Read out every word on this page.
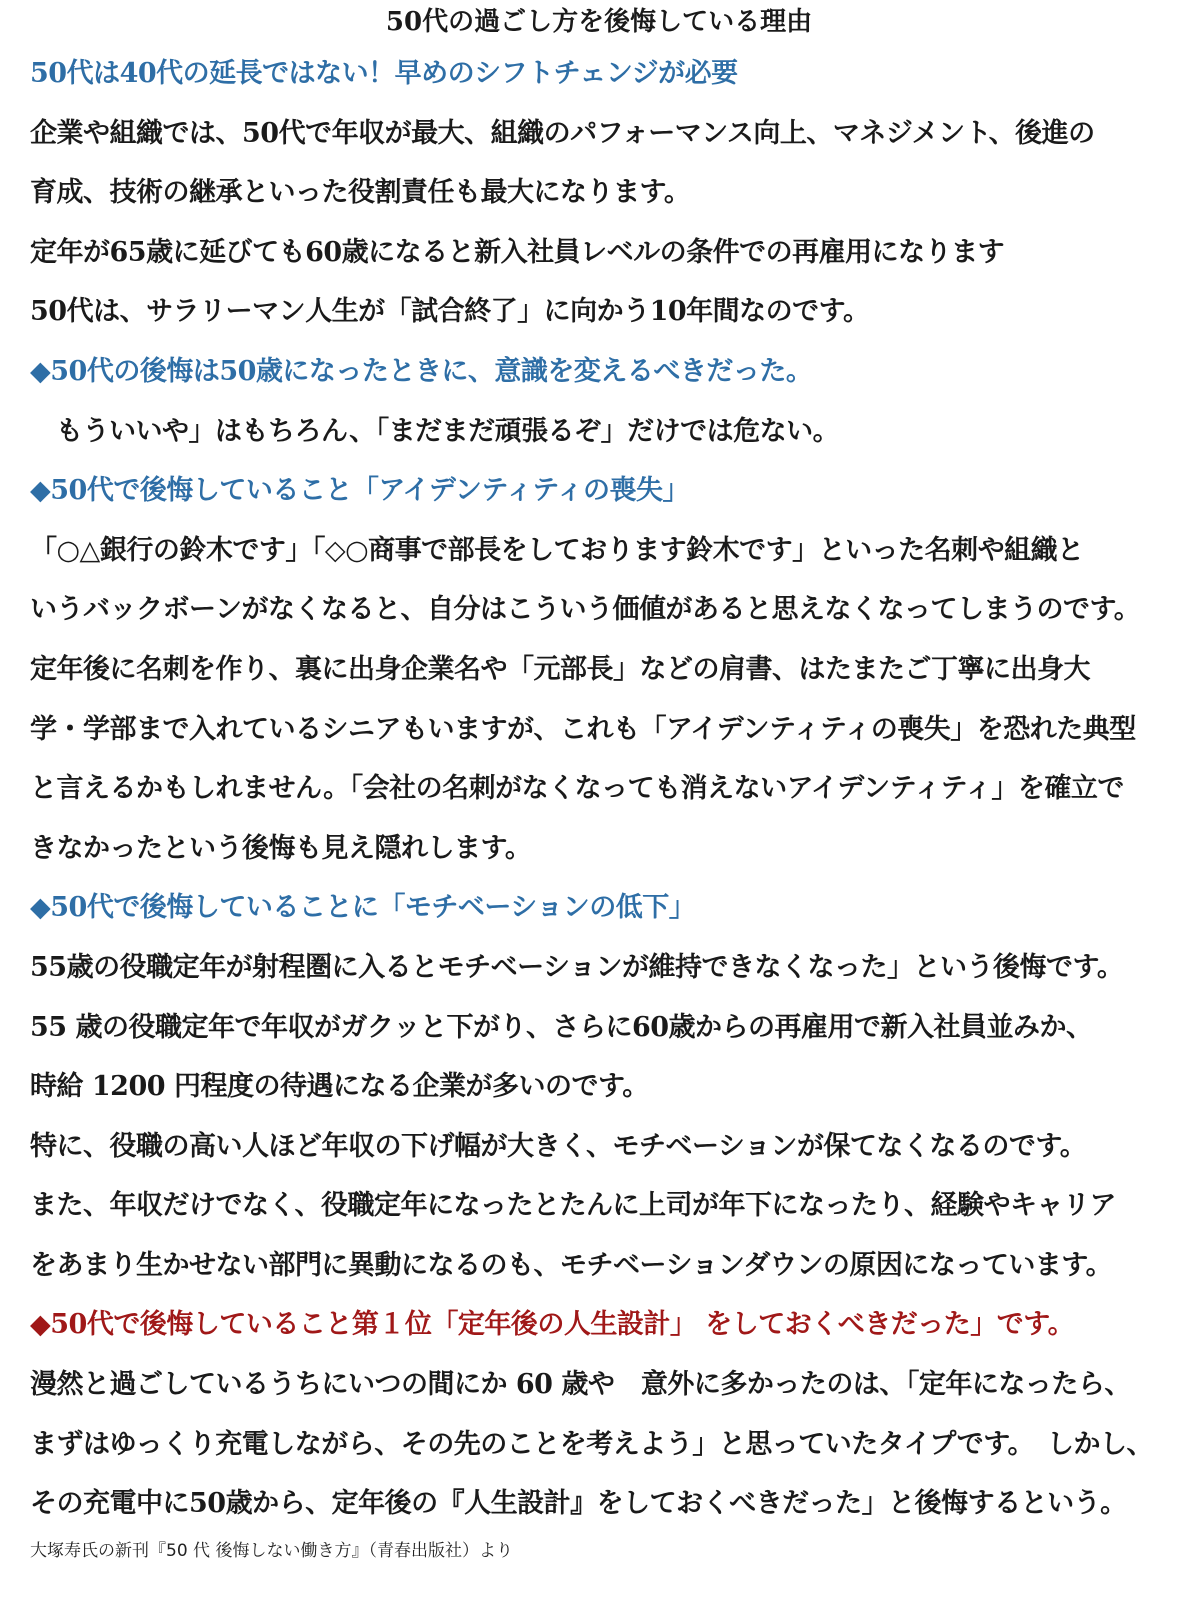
50代の過ごし方を後悔している理由
50代は40代の延長ではない！早めのシフトチェンジが必要
企業や組織では、50代で年収が最大、組織のパフォーマンス向上、マネジメント、後進の
育成、技術の継承といった役割責任も最大になります。
定年が65歳に延びても60歳になると新入社員レベルの条件での再雇用になります
50代は、サラリーマン人生が「試合終了」に向かう10年間なのです。
◆50代の後悔は50歳になったときに、意識を変えるべきだった。
もういいや」はもちろん、「まだまだ頑張るぞ」だけでは危ない。
◆50代で後悔していること「アイデンティティの喪失」
「○△銀行の鈴木です」「◇○商事で部長をしております鈴木です」といった名刺や組織と
いうバックボーンがなくなると、自分はこういう価値があると思えなくなってしまうのです。
定年後に名刺を作り、裏に出身企業名や「元部長」などの肩書、はたまたご丁寧に出身大
学・学部まで入れているシニアもいますが、これも「アイデンティティの喪失」を恐れた典型
と言えるかもしれません。「会社の名刺がなくなっても消えないアイデンティティ」を確立で
きなかったという後悔も見え隠れします。
◆50代で後悔していることに「モチベーションの低下」
55歳の役職定年が射程圏に入るとモチベーションが維持できなくなった」という後悔です。
55 歳の役職定年で年収がガクッと下がり、さらに60歳からの再雇用で新入社員並みか、
時給 1200 円程度の待遇になる企業が多いのです。
特に、役職の高い人ほど年収の下げ幅が大きく、モチベーションが保てなくなるのです。
また、年収だけでなく、役職定年になったとたんに上司が年下になったり、経験やキャリア
をあまり生かせない部門に異動になるのも、モチベーションダウンの原因になっています。
◆50代で後悔していること第１位「定年後の人生設計」 をしておくべきだった」です。
漫然と過ごしているうちにいつの間にか 60 歳や　意外に多かったのは、「定年になったら、
まずはゆっくり充電しながら、その先のことを考えよう」と思っていたタイプです。　しかし、
その充電中に50歳から、定年後の『人生設計』をしておくべきだった」と後悔するという。
大塚寿氏の新刊『50 代 後悔しない働き方』（青春出版社）より
